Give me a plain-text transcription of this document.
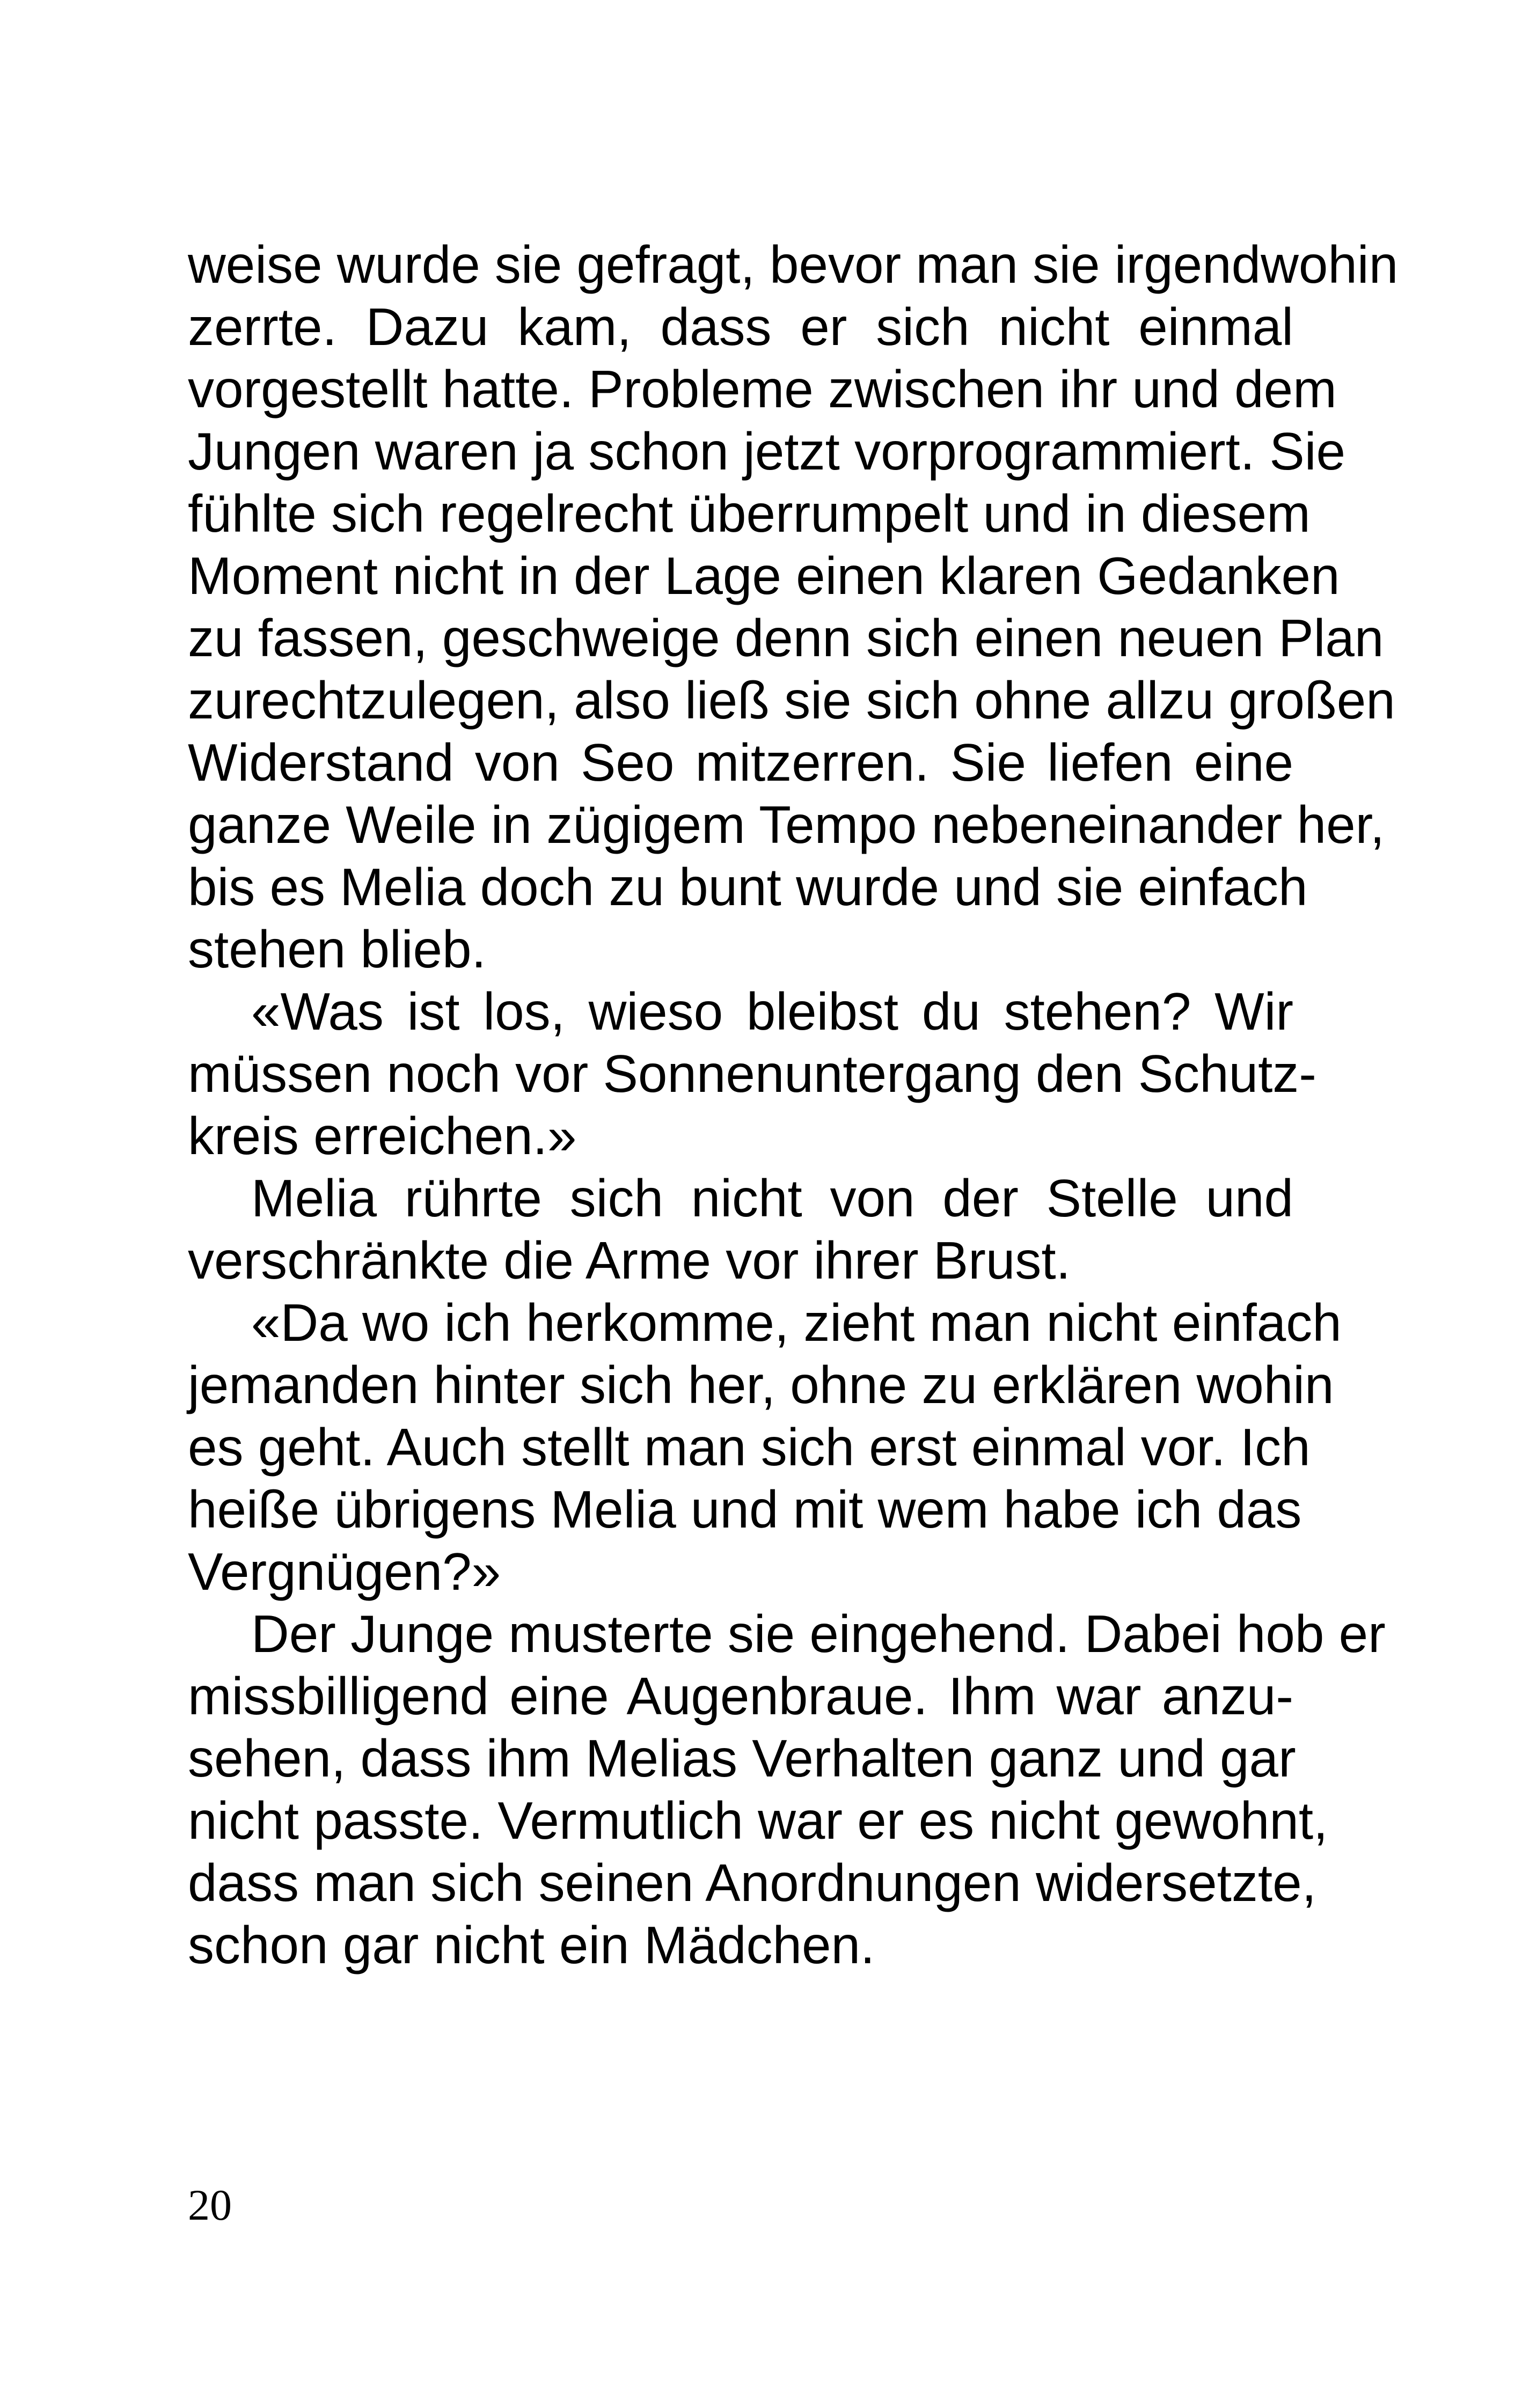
weise wurde sie gefragt, bevor man sie irgendwohin
zerrte. Dazu kam, dass er sich nicht einmal
vorgestellt hatte. Probleme zwischen ihr und dem
Jungen waren ja schon jetzt vorprogrammiert. Sie
fühlte sich regelrecht überrumpelt und in diesem
Moment nicht in der Lage einen klaren Gedanken
zu fassen, geschweige denn sich einen neuen Plan
zurechtzulegen, also ließ sie sich ohne allzu großen
Widerstand von Seo mitzerren. Sie liefen eine
ganze Weile in zügigem Tempo nebeneinander her,
bis es Melia doch zu bunt wurde und sie einfach
stehen blieb.
«Was ist los, wieso bleibst du stehen? Wir
müssen noch vor Sonnenuntergang den Schutz-
kreis erreichen.»
Melia rührte sich nicht von der Stelle und
verschränkte die Arme vor ihrer Brust.
«Da wo ich herkomme, zieht man nicht einfach
jemanden hinter sich her, ohne zu erklären wohin
es geht. Auch stellt man sich erst einmal vor. Ich
heiße übrigens Melia und mit wem habe ich das
Vergnügen?»
Der Junge musterte sie eingehend. Dabei hob er
missbilligend eine Augenbraue. Ihm war anzu-
sehen, dass ihm Melias Verhalten ganz und gar
nicht passte. Vermutlich war er es nicht gewohnt,
dass man sich seinen Anordnungen widersetzte,
schon gar nicht ein Mädchen.
20
